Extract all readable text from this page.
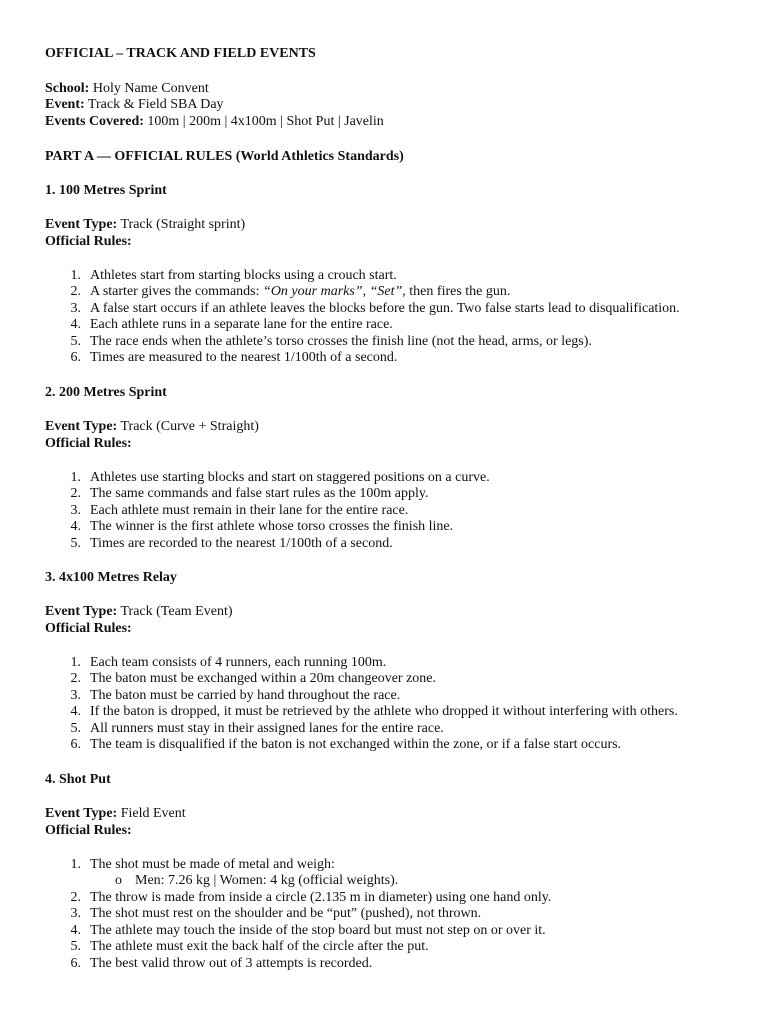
OFFICIAL – TRACK AND FIELD EVENTS
School: Holy Name Convent
Event: Track & Field SBA Day
Events Covered: 100m | 200m | 4x100m | Shot Put | Javelin
PART A — OFFICIAL RULES (World Athletics Standards)
1. 100 Metres Sprint
Event Type: Track (Straight sprint)
Official Rules:
1. Athletes start from starting blocks using a crouch start.
2. A starter gives the commands: “On your marks”, “Set”, then fires the gun.
3. A false start occurs if an athlete leaves the blocks before the gun. Two false starts lead to disqualification.
4. Each athlete runs in a separate lane for the entire race.
5. The race ends when the athlete’s torso crosses the finish line (not the head, arms, or legs).
6. Times are measured to the nearest 1/100th of a second.
2. 200 Metres Sprint
Event Type: Track (Curve + Straight)
Official Rules:
1. Athletes use starting blocks and start on staggered positions on a curve.
2. The same commands and false start rules as the 100m apply.
3. Each athlete must remain in their lane for the entire race.
4. The winner is the first athlete whose torso crosses the finish line.
5. Times are recorded to the nearest 1/100th of a second.
3. 4x100 Metres Relay
Event Type: Track (Team Event)
Official Rules:
1. Each team consists of 4 runners, each running 100m.
2. The baton must be exchanged within a 20m changeover zone.
3. The baton must be carried by hand throughout the race.
4. If the baton is dropped, it must be retrieved by the athlete who dropped it without interfering with others.
5. All runners must stay in their assigned lanes for the entire race.
6. The team is disqualified if the baton is not exchanged within the zone, or if a false start occurs.
4. Shot Put
Event Type: Field Event
Official Rules:
1. The shot must be made of metal and weigh:
o Men: 7.26 kg | Women: 4 kg (official weights).
2. The throw is made from inside a circle (2.135 m in diameter) using one hand only.
3. The shot must rest on the shoulder and be “put” (pushed), not thrown.
4. The athlete may touch the inside of the stop board but must not step on or over it.
5. The athlete must exit the back half of the circle after the put.
6. The best valid throw out of 3 attempts is recorded.
